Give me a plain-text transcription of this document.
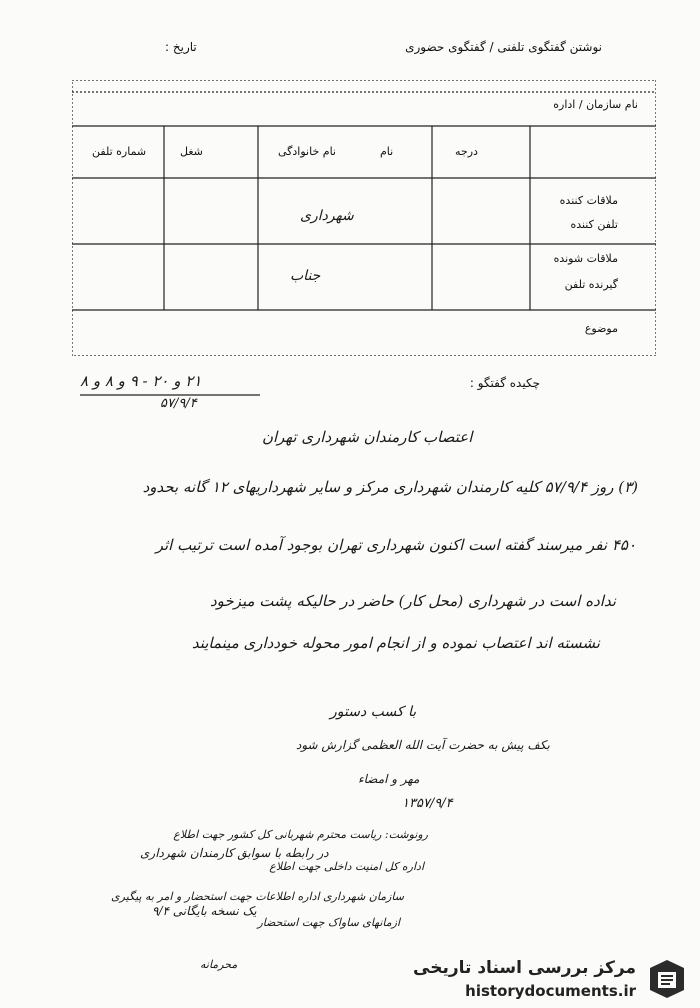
نوشتن گفتگوی تلفنی / گفتگوی حضوری
تاریخ :
نام سازمان / اداره
درجه
نام
نام خانوادگی
شغل
شماره تلفن
ملاقات کننده
تلفن کننده
ملاقات شونده
گیرنده تلفن
موضوع
شهرداری
جناب
چکیده گفتگو :
۲۱ و ۲۰ - ۹ و ۸ و ۸
۵۷/۹/۴
اعتصاب کارمندان شهرداری تهران
(۳) روز ۵۷/۹/۴ کلیه کارمندان شهرداری مرکز و سایر شهرداریهای ۱۲ گانه بحدود
۴۵۰ نفر میرسند گفته است اکنون شهرداری تهران بوجود آمده است ترتیب اثر
نداده است در شهرداری (محل کار) حاضر در حالیکه پشت میزخود
نشسته اند اعتصاب نموده و از انجام امور محوله خودداری مینمایند
با کسب دستور
بکف پیش به حضرت آیت الله العظمی گزارش شود
مهر و امضاء
۱۳۵۷/۹/۴
رونوشت: ریاست محترم شهربانی کل کشور جهت اطلاع
اداره کل امنیت داخلی جهت اطلاع
سازمان شهرداری اداره اطلاعات جهت استحضار و امر به پیگیری
ازمانهای ساواک جهت استحضار
در رابطه با سوابق کارمندان شهرداری
یک نسخه بایگانی ۹/۴
محرمانه	مرکز بررسی اسناد تاریخی
historydocuments.ir
